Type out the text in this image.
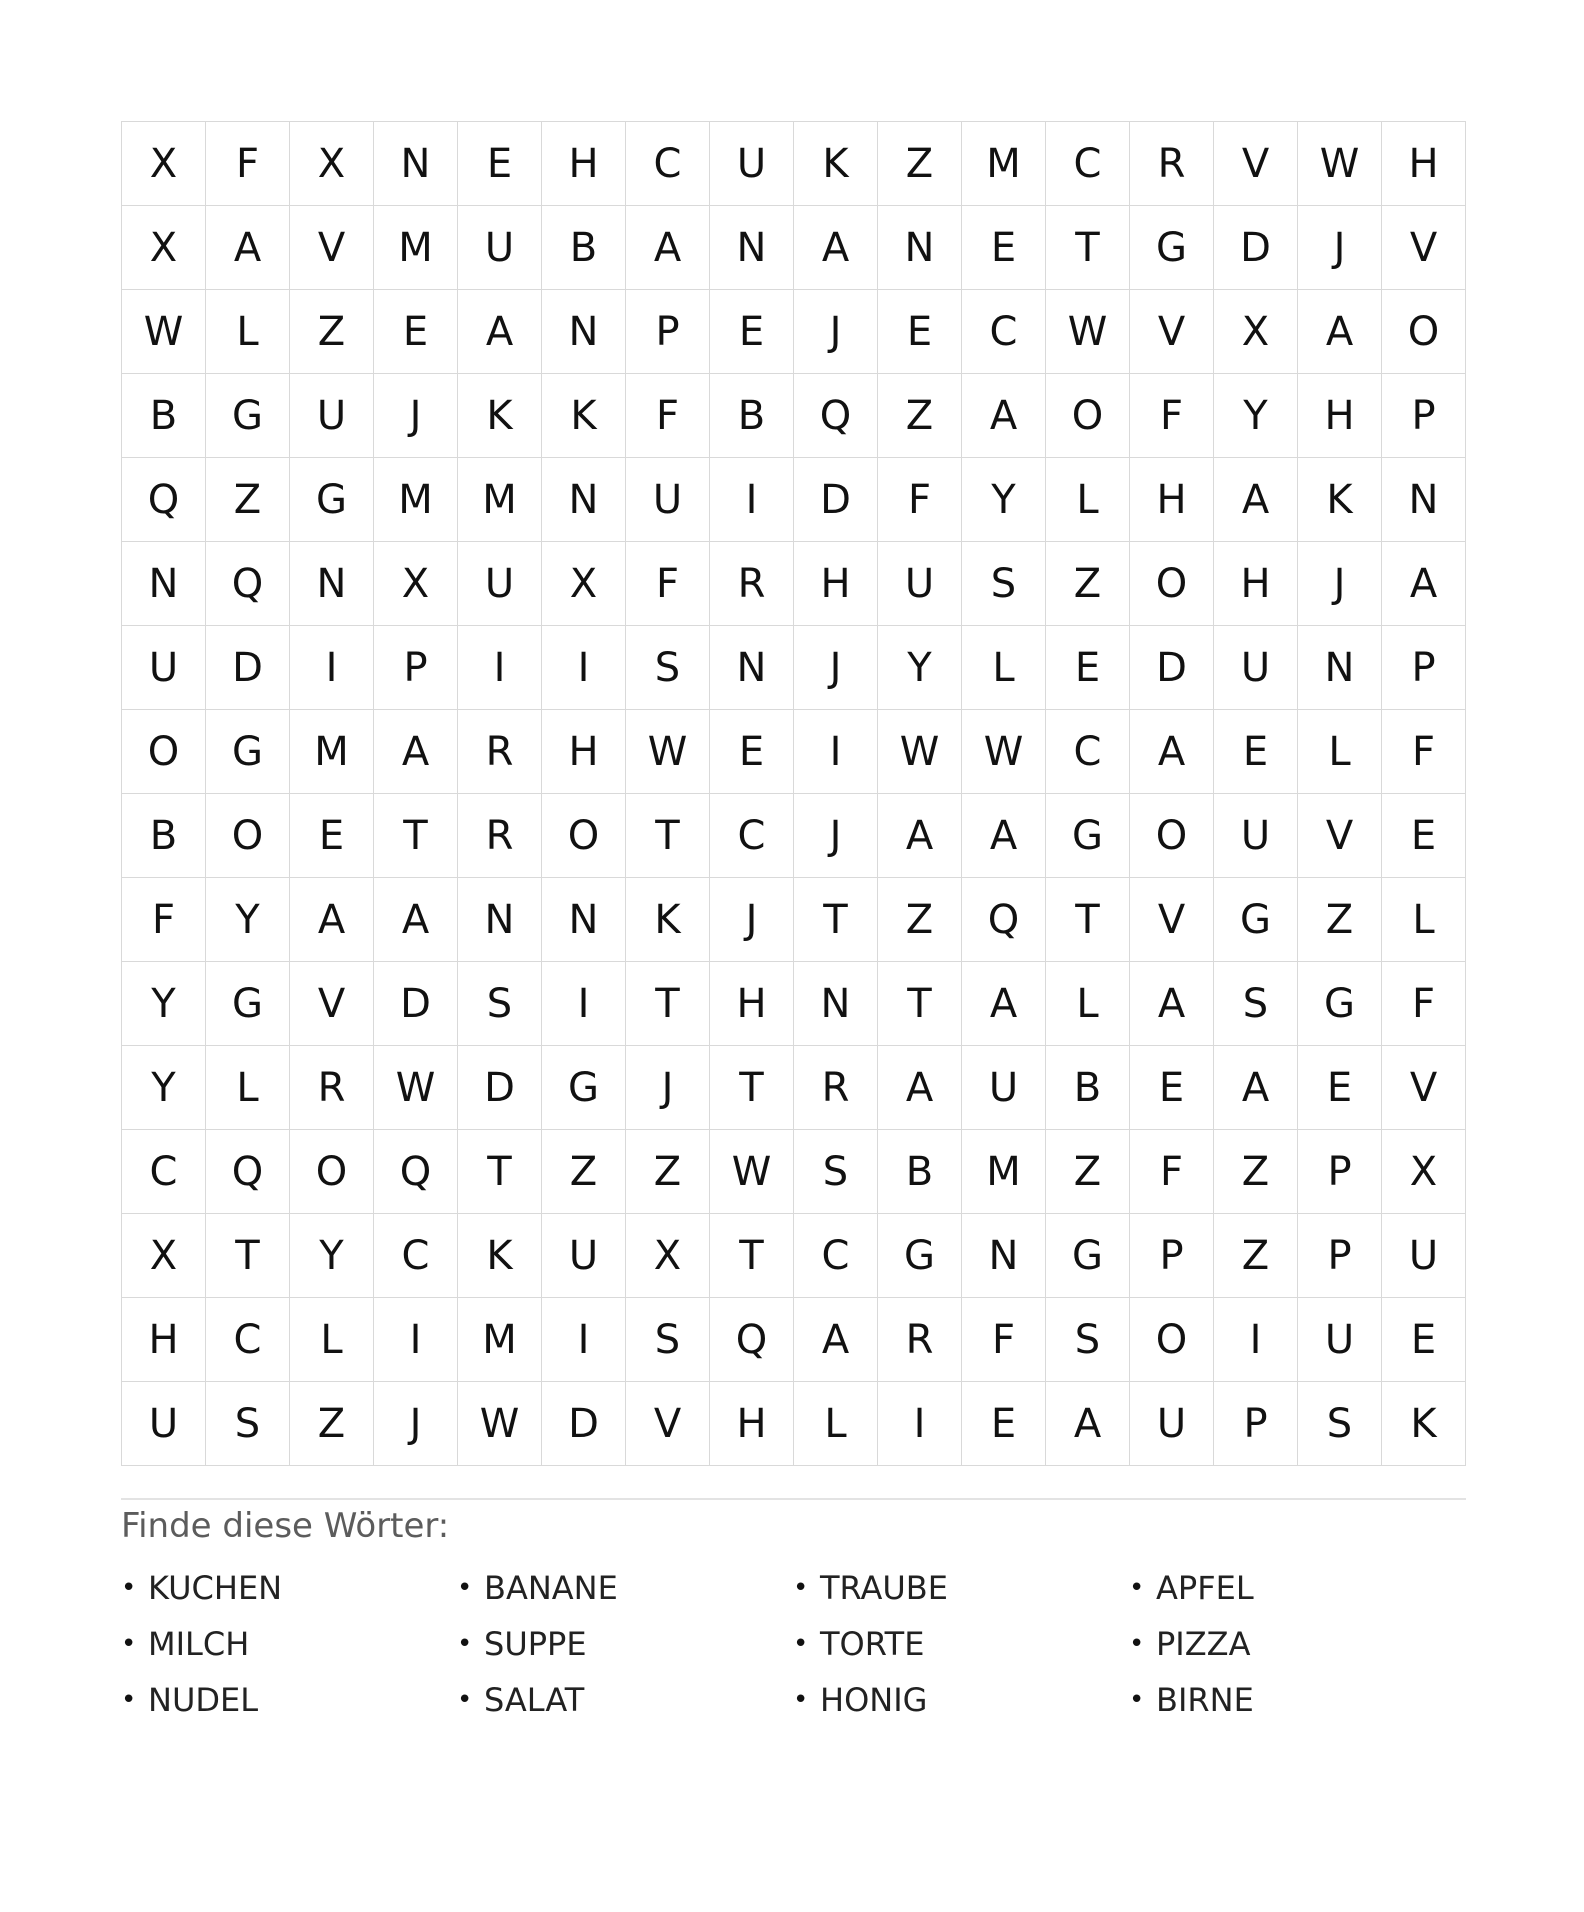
X	F	X	N	E	H	C	U	K	Z	M	C	R	V	W	H
X	A	V	M	U	B	A	N	A	N	E	T	G	D	J	V
W	L	Z	E	A	N	P	E	J	E	C	W	V	X	A	O
B	G	U	J	K	K	F	B	Q	Z	A	O	F	Y	H	P
Q	Z	G	M	M	N	U	I	D	F	Y	L	H	A	K	N
N	Q	N	X	U	X	F	R	H	U	S	Z	O	H	J	A
U	D	I	P	I	I	S	N	J	Y	L	E	D	U	N	P
O	G	M	A	R	H	W	E	I	W	W	C	A	E	L	F
B	O	E	T	R	O	T	C	J	A	A	G	O	U	V	E
F	Y	A	A	N	N	K	J	T	Z	Q	T	V	G	Z	L
Y	G	V	D	S	I	T	H	N	T	A	L	A	S	G	F
Y	L	R	W	D	G	J	T	R	A	U	B	E	A	E	V
C	Q	O	Q	T	Z	Z	W	S	B	M	Z	F	Z	P	X
X	T	Y	C	K	U	X	T	C	G	N	G	P	Z	P	U
H	C	L	I	M	I	S	Q	A	R	F	S	O	I	U	E
U	S	Z	J	W	D	V	H	L	I	E	A	U	P	S	K
Finde diese Wörter:
• KUCHEN	• BANANE	• TRAUBE	• APFEL
• MILCH	• SUPPE	• TORTE	• PIZZA
• NUDEL	• SALAT	• HONIG	• BIRNE
